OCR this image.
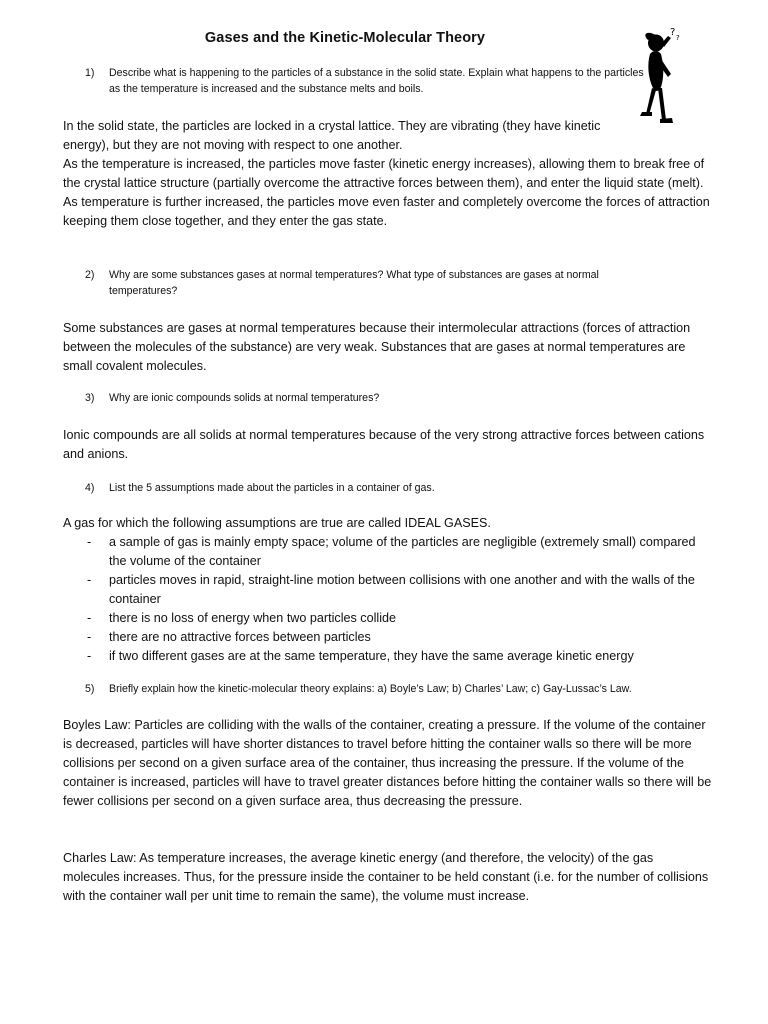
Gases and the Kinetic-Molecular Theory	? ?
1) Describe what is happening to the particles of a substance in the solid state. Explain what happens to the particles as the temperature is increased and the substance melts and boils.

In the solid state, the particles are locked in a crystal lattice. They are vibrating (they have kinetic energy), but they are not moving with respect to one another.

As the temperature is increased, the particles move faster (kinetic energy increases), allowing them to break free of the crystal lattice structure (partially overcome the attractive forces between them), and enter the liquid state (melt).

As temperature is further increased, the particles move even faster and completely overcome the forces of attraction keeping them close together, and they enter the gas state.

2) Why are some substances gases at normal temperatures? What type of substances are gases at normal temperatures?

Some substances are gases at normal temperatures because their intermolecular attractions (forces of attraction between the molecules of the substance) are very weak. Substances that are gases at normal temperatures are small covalent molecules.

3) Why are ionic compounds solids at normal temperatures?

Ionic compounds are all solids at normal temperatures because of the very strong attractive forces between cations and anions.

4) List the 5 assumptions made about the particles in a container of gas.

A gas for which the following assumptions are true are called IDEAL GASES.

- a sample of gas is mainly empty space; volume of the particles are negligible (extremely small) compared the volume of the container
- particles moves in rapid, straight-line motion between collisions with one another and with the walls of the container
- there is no loss of energy when two particles collide
- there are no attractive forces between particles
- if two different gases are at the same temperature, they have the same average kinetic energy
5) Briefly explain how the kinetic-molecular theory explains: a) Boyle’s Law; b) Charles’ Law; c) Gay-Lussac’s Law.

Boyles Law: Particles are colliding with the walls of the container, creating a pressure. If the volume of the container is decreased, particles will have shorter distances to travel before hitting the container walls so there will be more collisions per second on a given surface area of the container, thus increasing the pressure. If the volume of the container is increased, particles will have to travel greater distances before hitting the container walls so there will be fewer collisions per second on a given surface area, thus decreasing the pressure.

Charles Law: As temperature increases, the average kinetic energy (and therefore, the velocity) of the gas molecules increases. Thus, for the pressure inside the container to be held constant (i.e. for the number of collisions with the container wall per unit time to remain the same), the volume must increase.
